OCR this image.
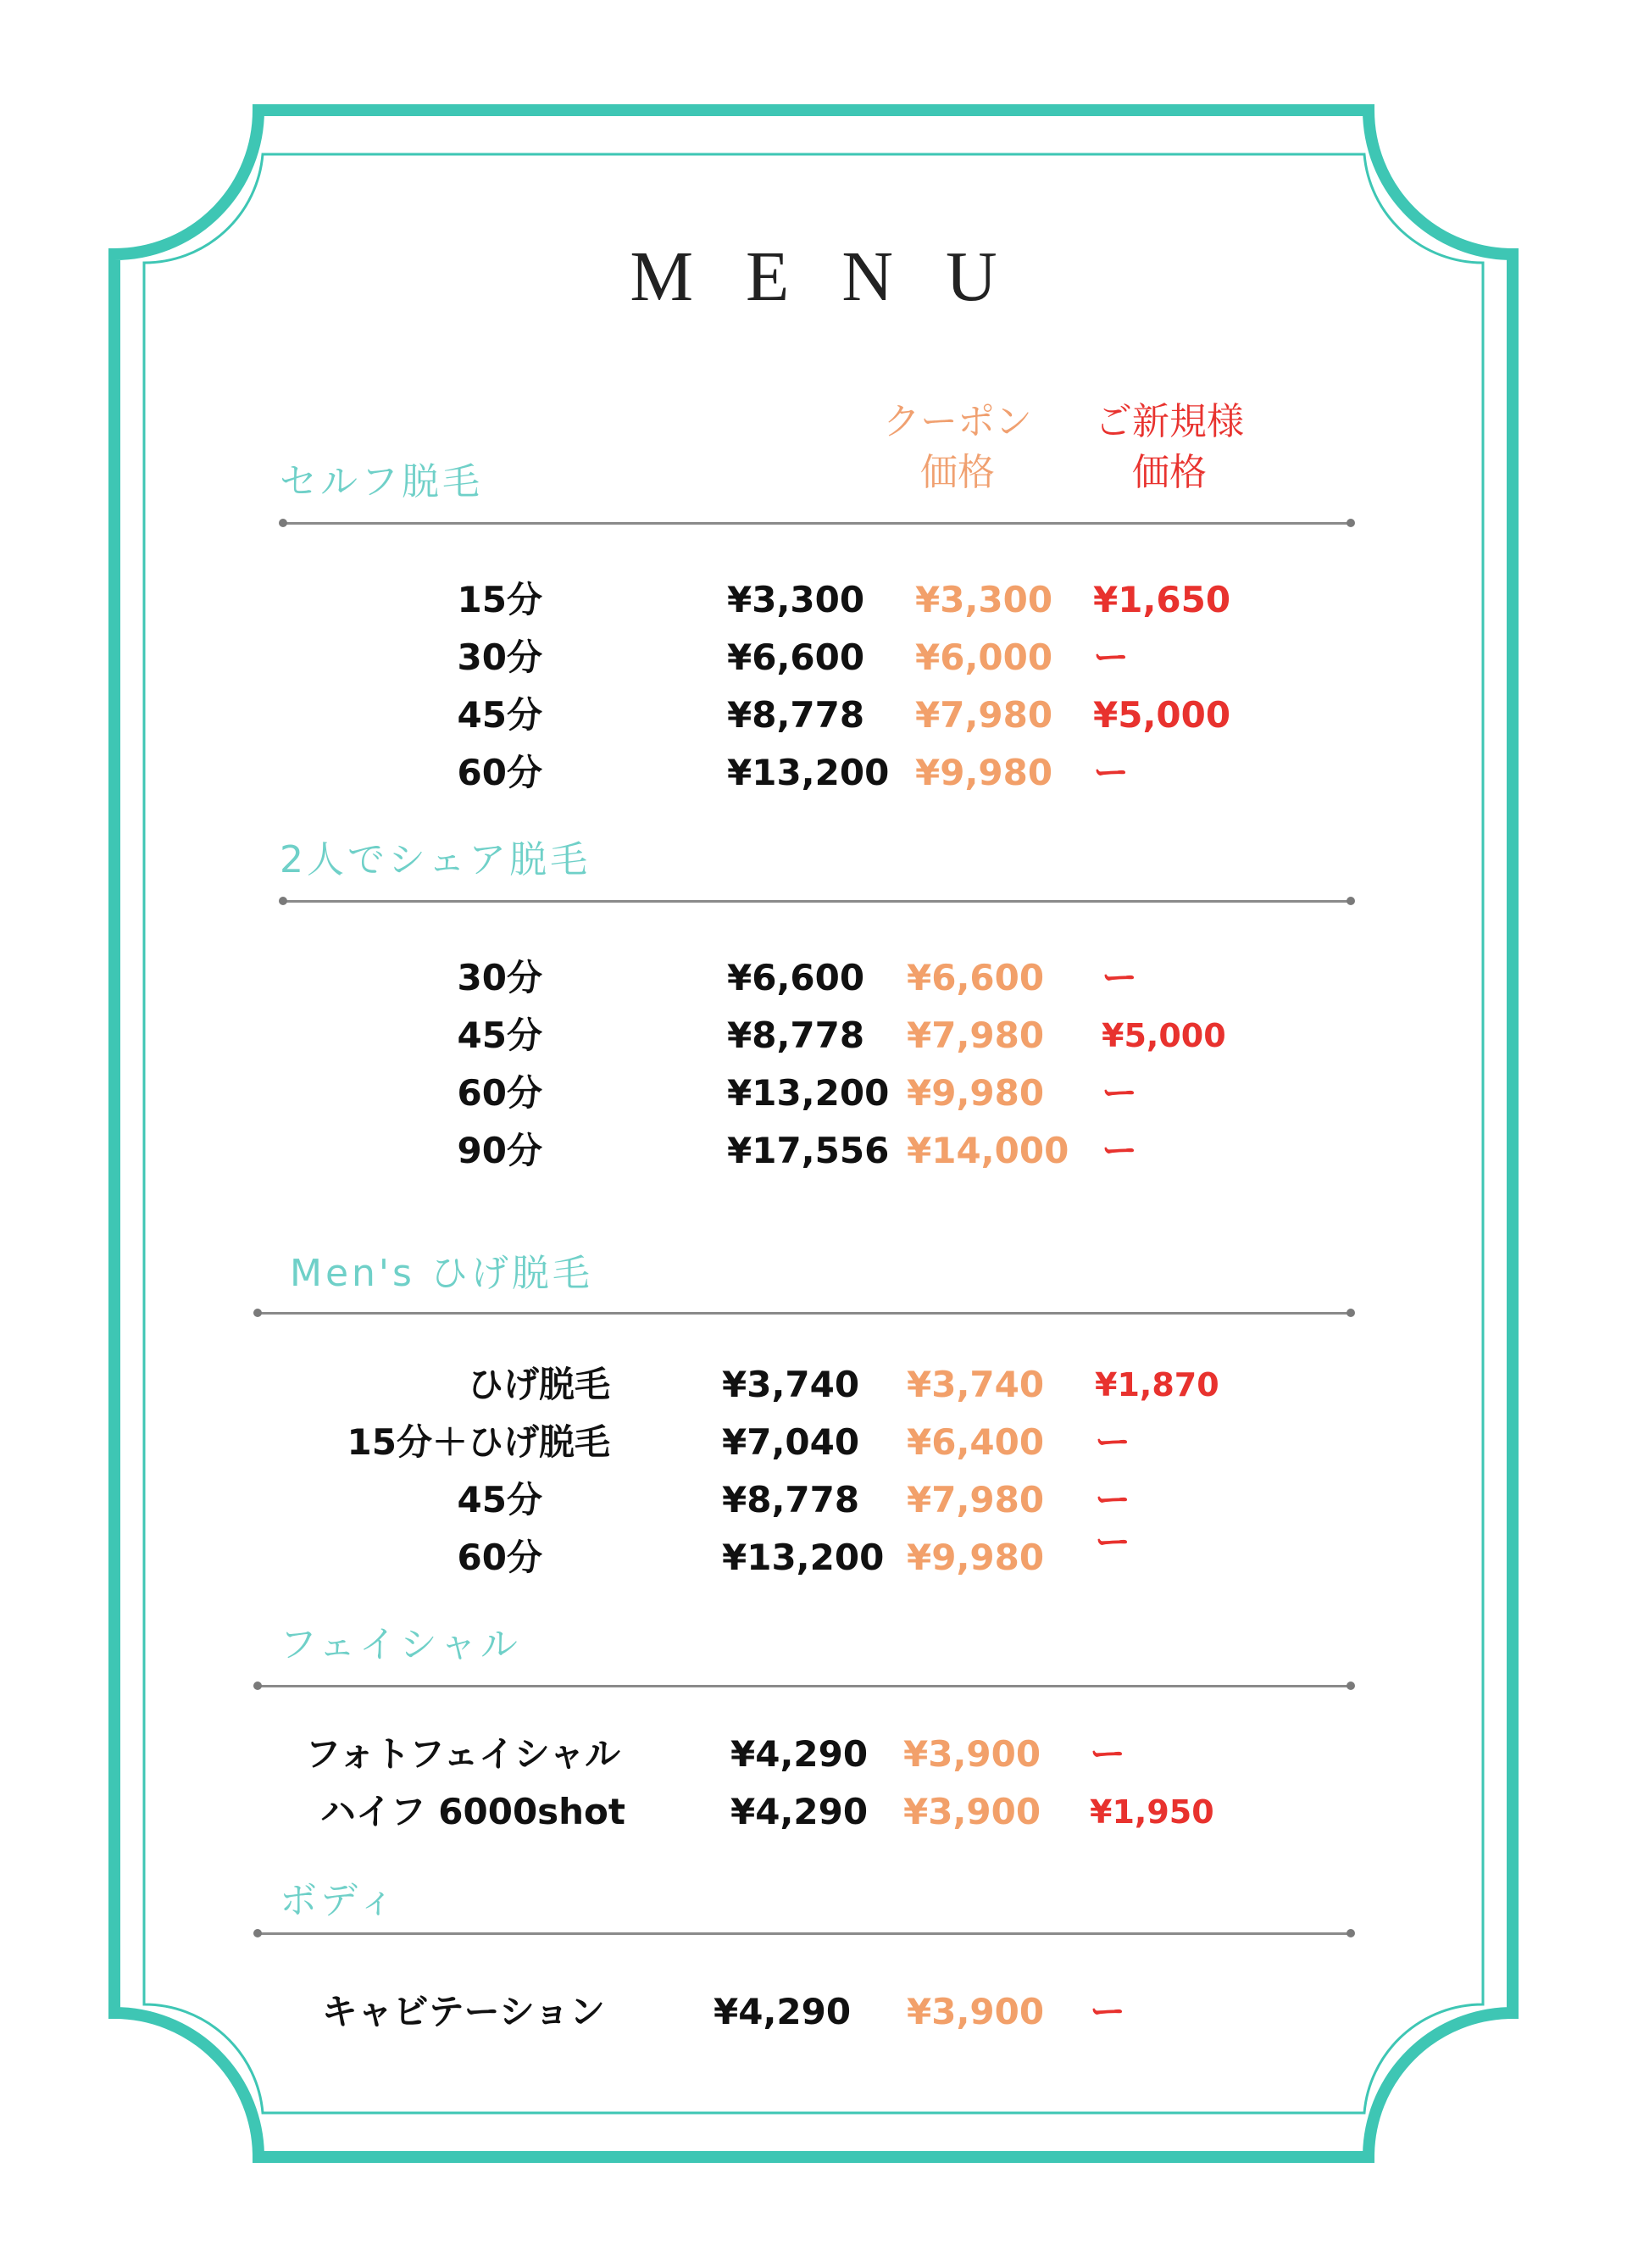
MENU
クーポン
価格
ご新規様
価格
セルフ脱毛
15分	¥3,300 ¥3,300 ¥1,650
30分	¥6,600 ¥6,000 ー
45分	¥8,778 ¥7,980 ¥5,000
60分	¥13,200 ¥9,980 ー
2人でシェア脱毛
30分	¥6,600 ¥6,600 ー
45分	¥8,778 ¥7,980 ¥5,000
60分	¥13,200 ¥9,980 ー
90分	¥17,556 ¥14,000 ー
Men's ひげ脱毛
ひげ脱毛	¥3,740 ¥3,740 ¥1,870
15分＋ひげ脱毛	¥7,040 ¥6,400 ー
45分	¥8,778 ¥7,980 ー
60分	¥13,200 ¥9,980 ー
フェイシャル
フォトフェイシャル	¥4,290 ¥3,900 ー
ハイフ 6000shot	¥4,290 ¥3,900 ¥1,950
ボディ
キャビテーション	¥4,290 ¥3,900 ー
